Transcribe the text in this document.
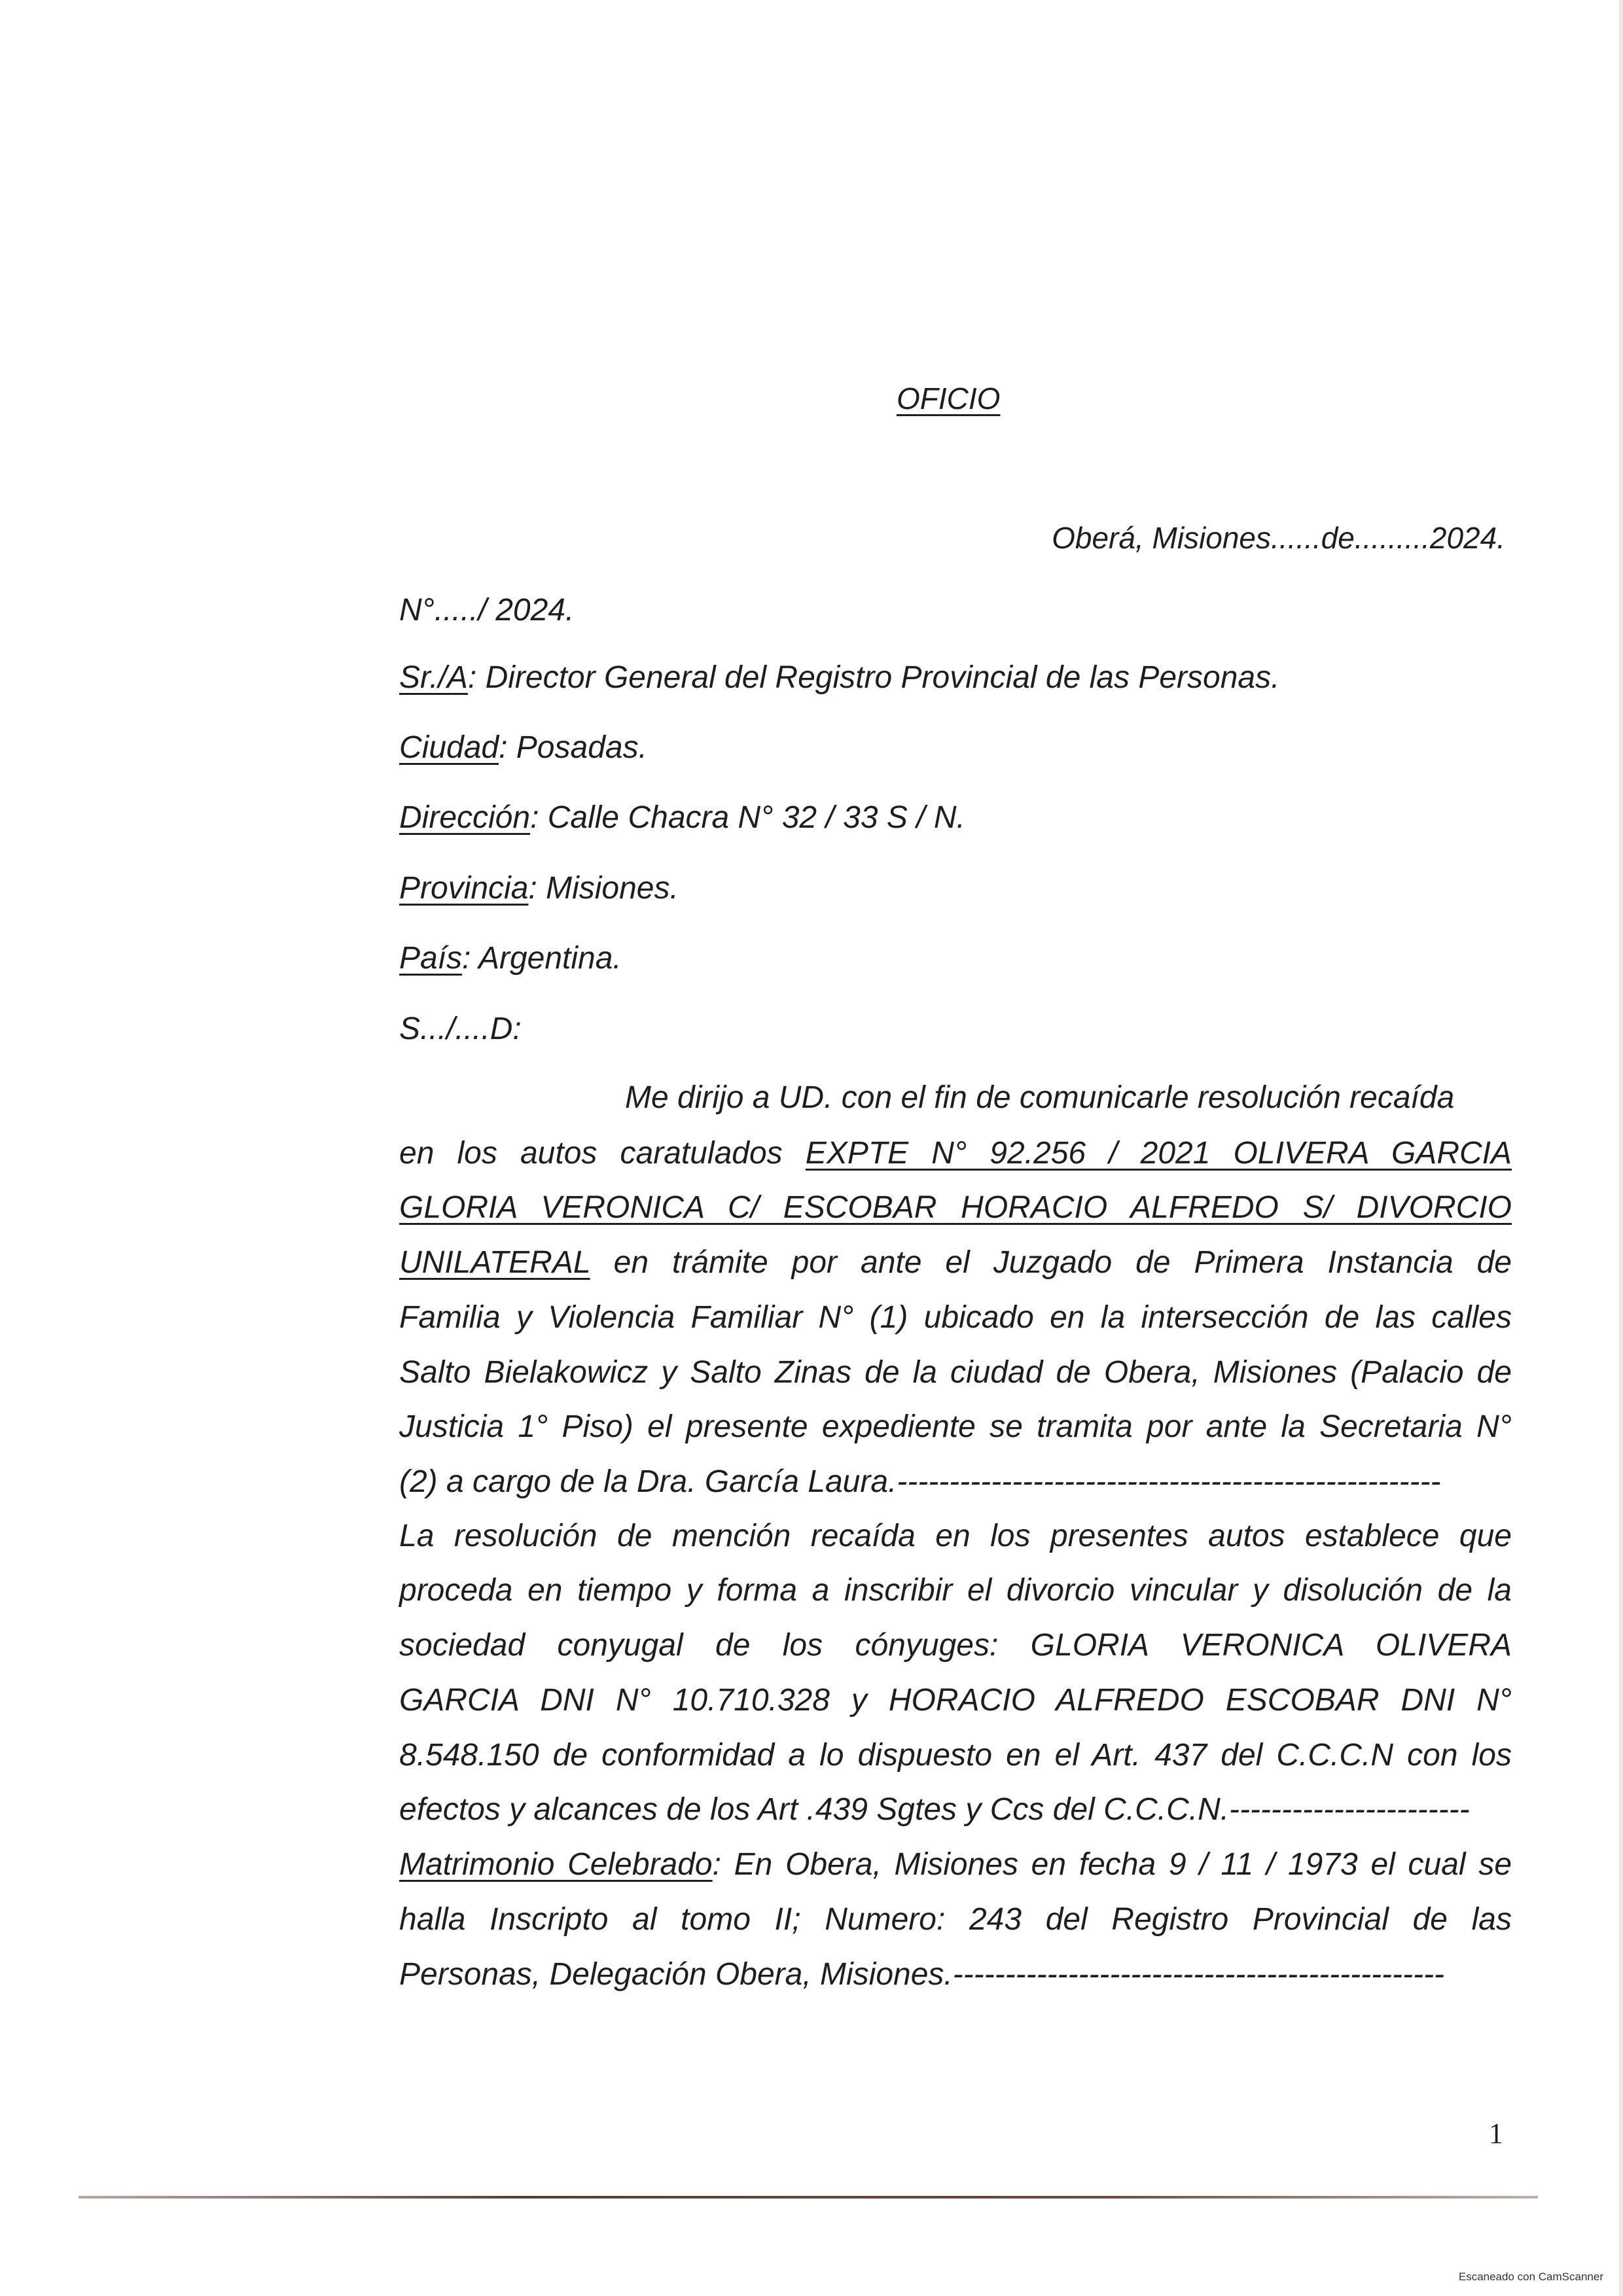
OFICIO
Oberá, Misiones......de.........2024.
N°...../ 2024.
Sr./A: Director General del Registro Provincial de las Personas.
Ciudad: Posadas.
Dirección: Calle Chacra N° 32 / 33 S / N.
Provincia: Misiones.
País: Argentina.
S.../....D:
Me dirijo a UD. con el fin de comunicarle resolución recaída
en los autos caratulados EXPTE N° 92.256 / 2021 OLIVERA GARCIA
GLORIA VERONICA C/ ESCOBAR HORACIO ALFREDO S/ DIVORCIO
UNILATERAL en trámite por ante el Juzgado de Primera Instancia de
Familia y Violencia Familiar N° (1) ubicado en la intersección de las calles
Salto Bielakowicz y Salto Zinas de la ciudad de Obera, Misiones (Palacio de
Justicia 1° Piso) el presente expediente se tramita por ante la Secretaria N°
(2) a cargo de la Dra. García Laura.----------------------------------------------------
La resolución de mención recaída en los presentes autos establece que
proceda en tiempo y forma a inscribir el divorcio vincular y disolución de la
sociedad conyugal de los cónyuges: GLORIA VERONICA OLIVERA
GARCIA DNI N° 10.710.328 y HORACIO ALFREDO ESCOBAR DNI N°
8.548.150 de conformidad a lo dispuesto en el Art. 437 del C.C.C.N con los
efectos y alcances de los Art .439 Sgtes y Ccs del C.C.C.N.-----------------------
Matrimonio Celebrado: En Obera, Misiones en fecha 9 / 11 / 1973 el cual se
halla Inscripto al tomo II; Numero: 243 del Registro Provincial de las
Personas, Delegación Obera, Misiones.-----------------------------------------------
1
Escaneado con CamScanner
